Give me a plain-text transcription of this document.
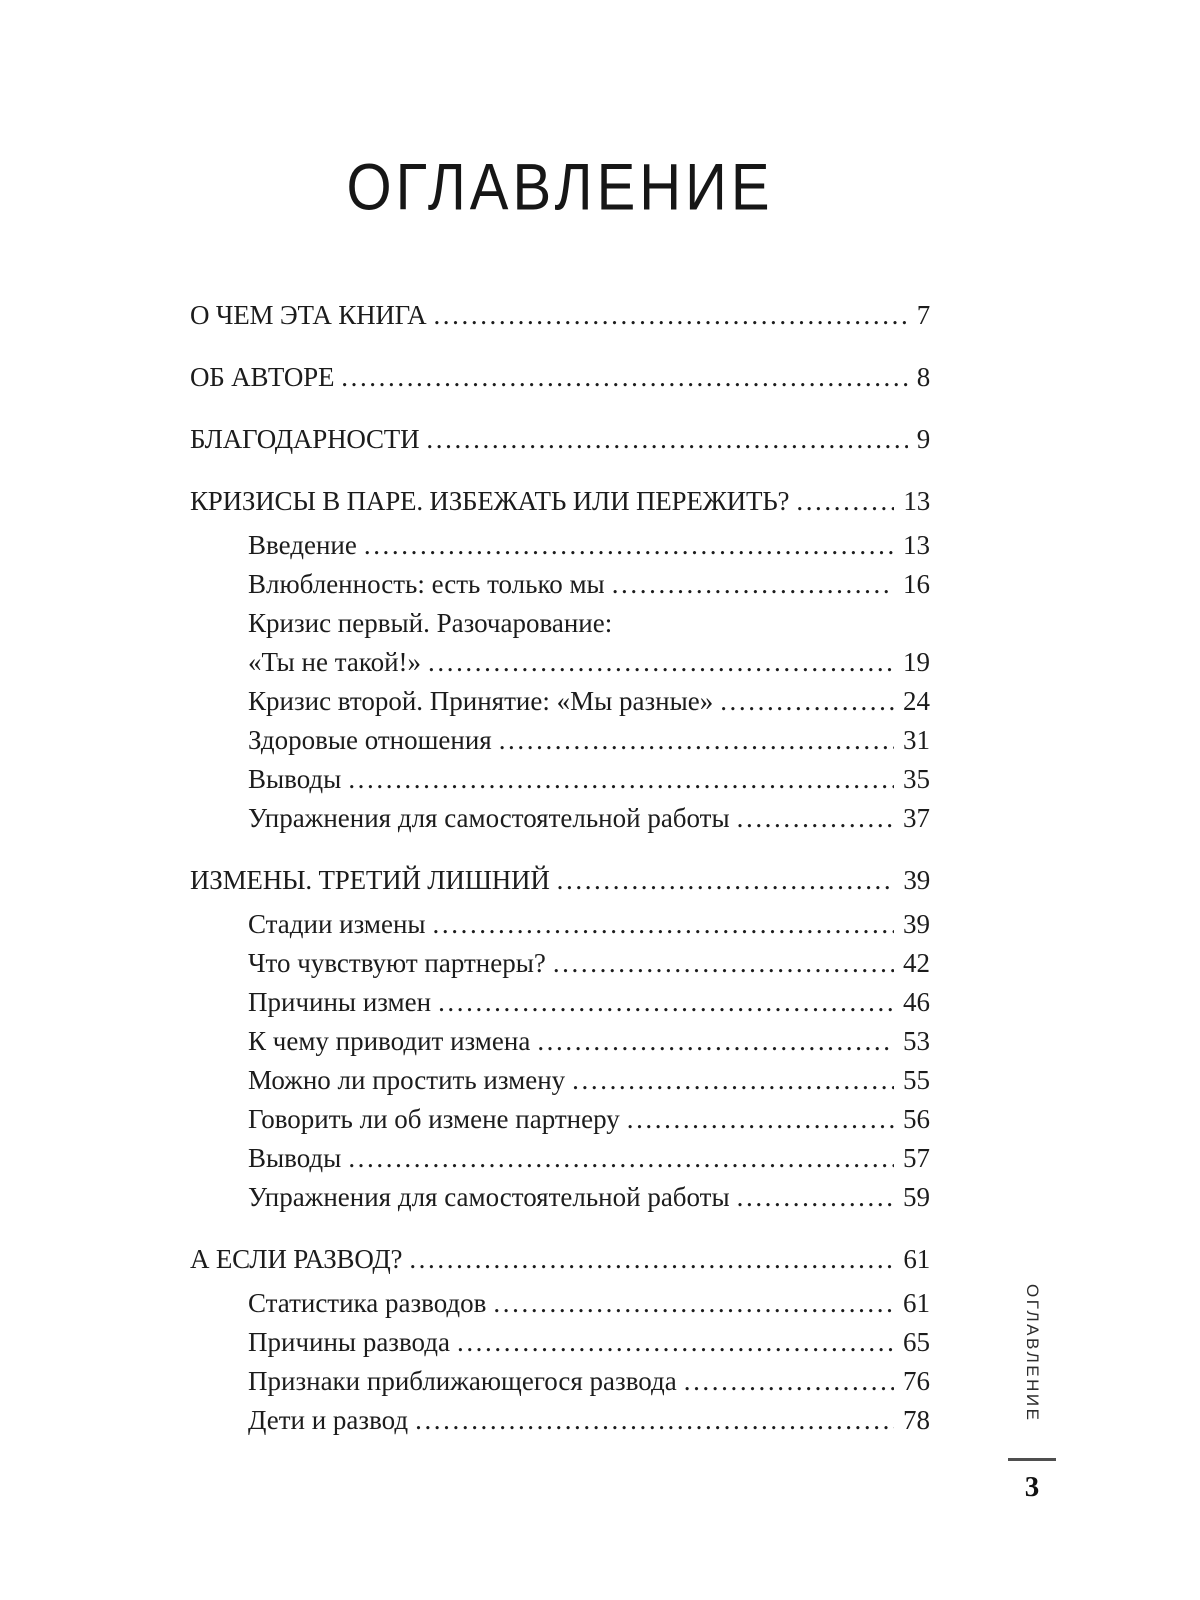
ОГЛАВЛЕНИЕ
О ЧЕМ ЭТА КНИГА .....	7
ОБ АВТОРЕ .....	8
БЛАГОДАРНОСТИ .....	9
КРИЗИСЫ В ПАРЕ. ИЗБЕЖАТЬ ИЛИ ПЕРЕЖИТЬ? .....	13
Введение .....	13
Влюбленность: есть только мы .....	16
Кризис первый. Разочарование:
«Ты не такой!» .....	19
Кризис второй. Принятие: «Мы разные» .....	24
Здоровые отношения .....	31
Выводы .....	35
Упражнения для самостоятельной работы .....	37
ИЗМЕНЫ. ТРЕТИЙ ЛИШНИЙ .....	39
Стадии измены .....	39
Что чувствуют партнеры? .....	42
Причины измен .....	46
К чему приводит измена .....	53
Можно ли простить измену .....	55
Говорить ли об измене партнеру .....	56
Выводы .....	57
Упражнения для самостоятельной работы .....	59
А ЕСЛИ РАЗВОД? .....	61
Статистика разводов .....	61
Причины развода .....	65
Признаки приближающегося развода .....	76
Дети и развод .....	78	ОГЛАВЛЕНИЕ
3
